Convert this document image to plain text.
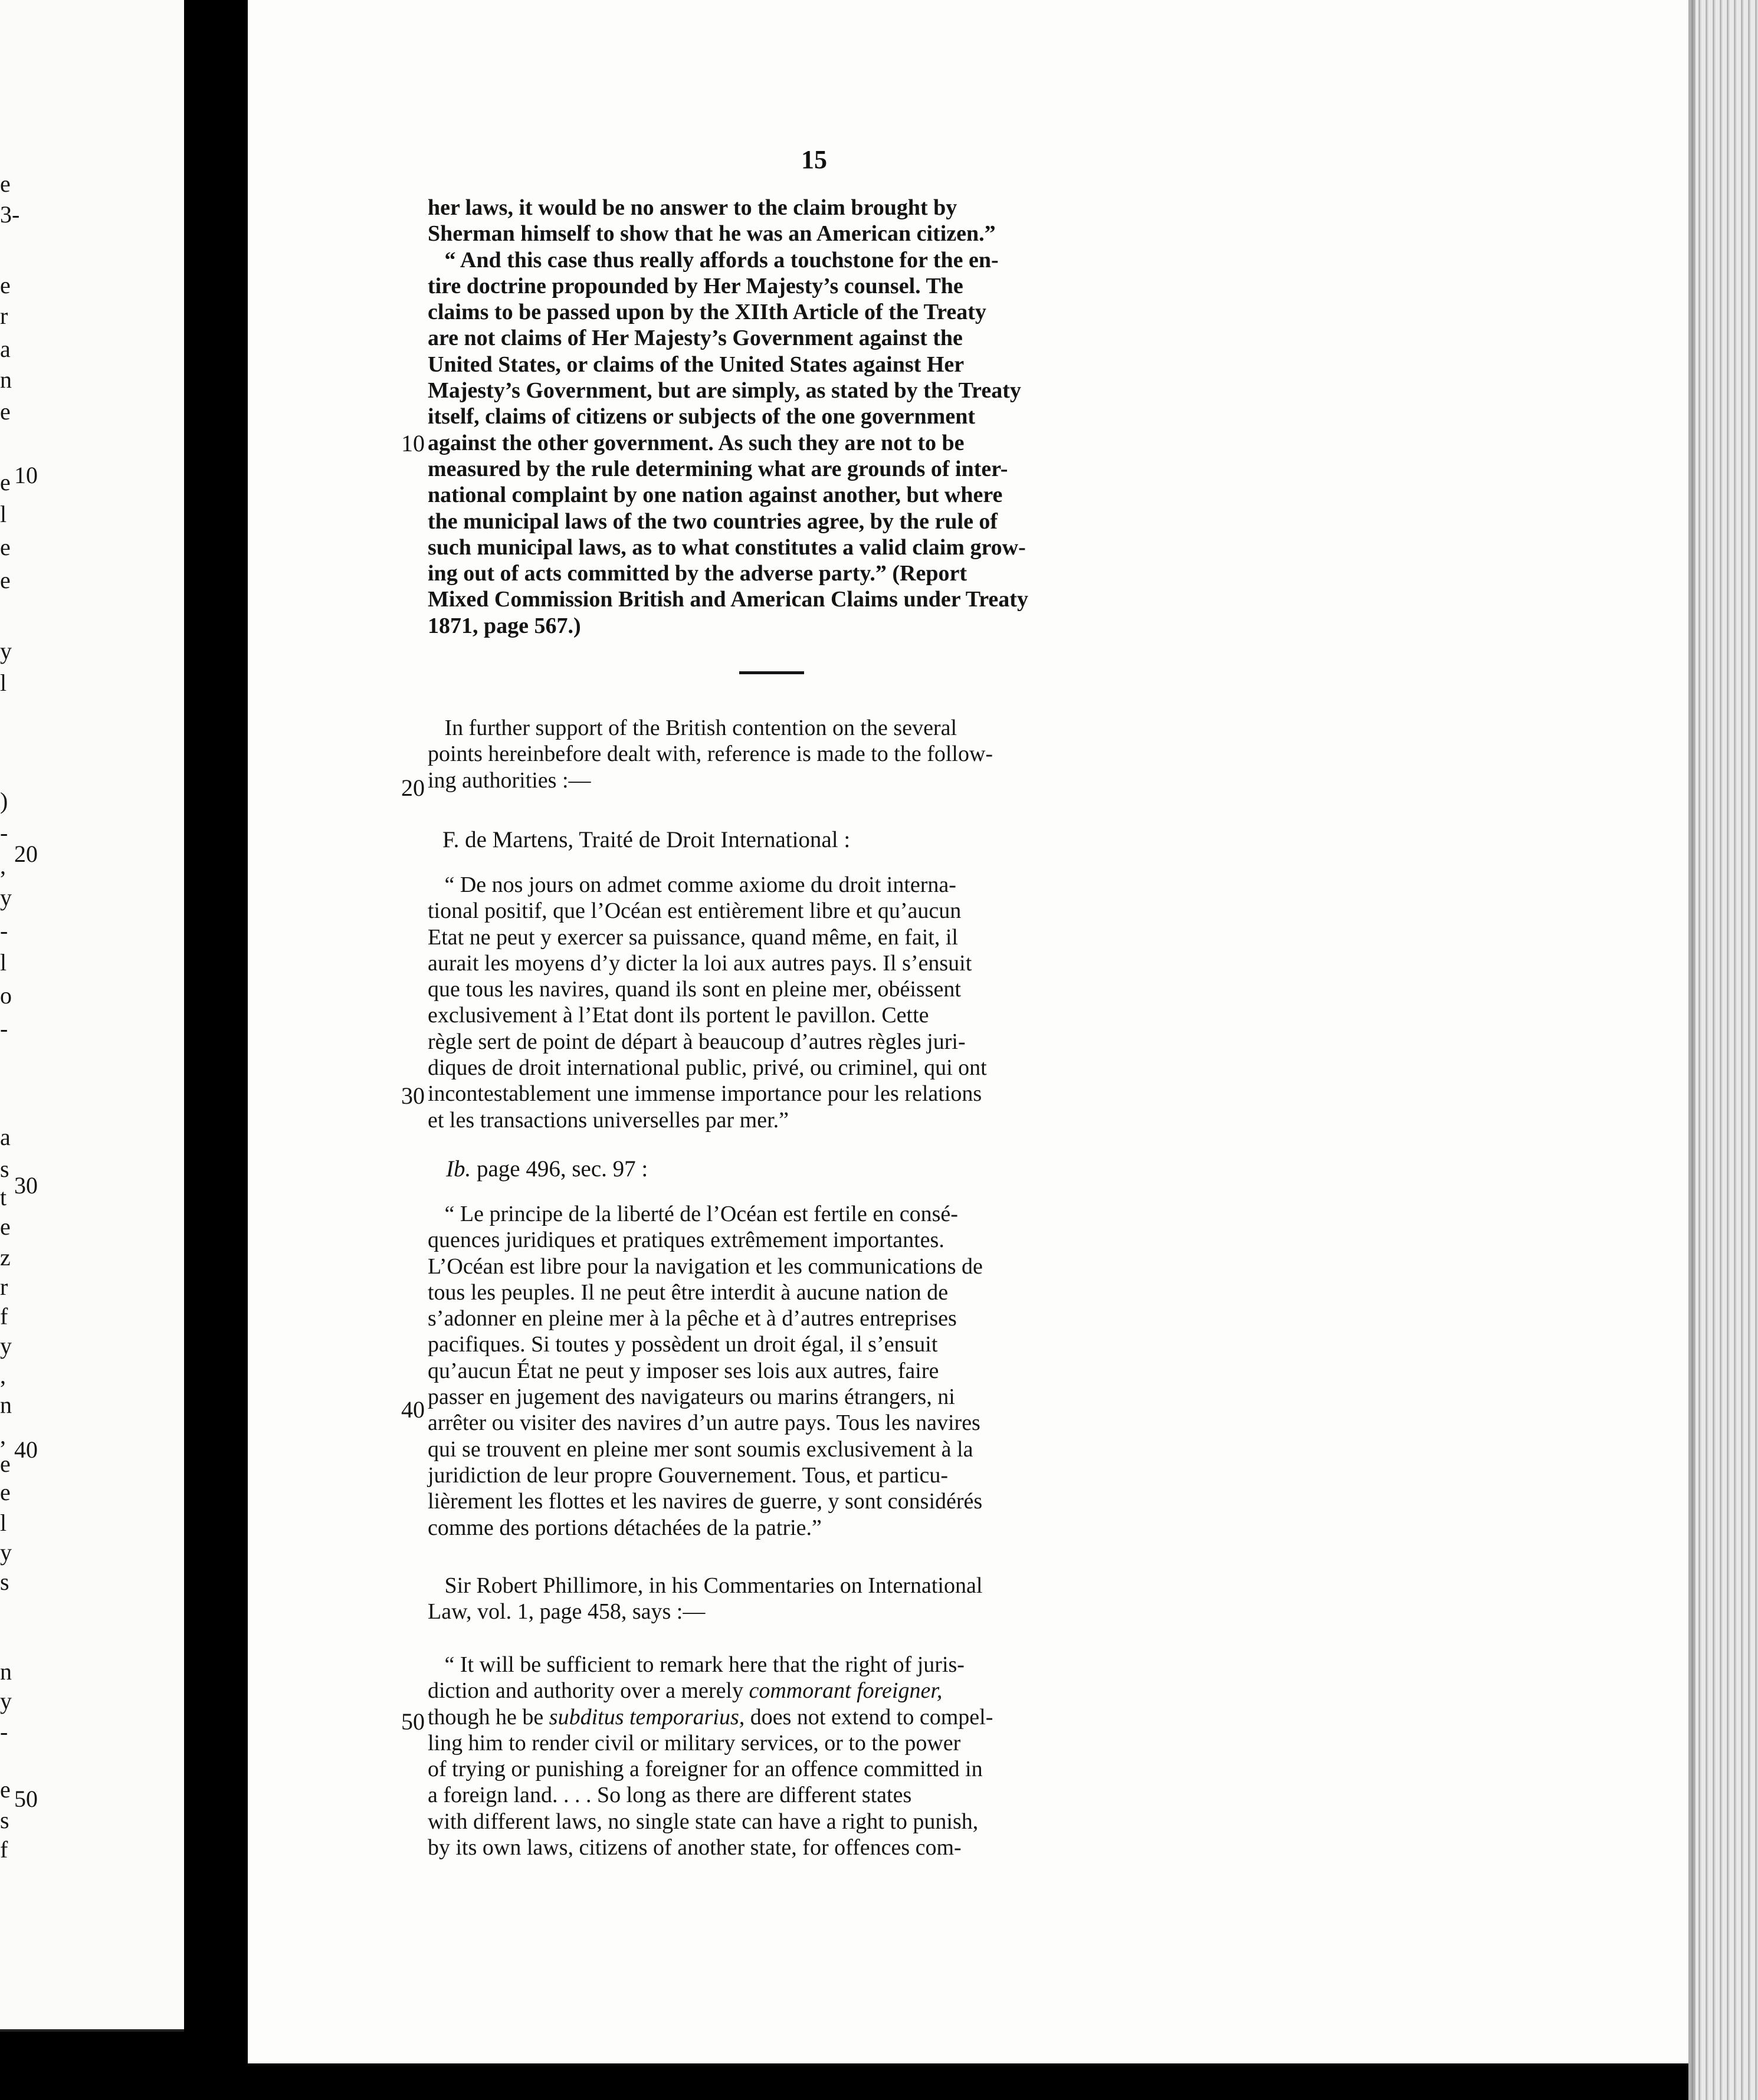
e
3-
e
r
a
n
e
e
l
e
e
y
l
)
-
,
y
-
l
o
-
a
s
t
e
z
r
f
y
,
n
,
e
e
l
y
s
n
y
-
e
s
f
10
20
30
40
50
15
her laws, it would be no answer to the claim brought by
Sherman himself to show that he was an American citizen.”
“ And this case thus really affords a touchstone for the en-
tire doctrine propounded by Her Majesty’s counsel. The
claims to be passed upon by the XIIth Article of the Treaty
are not claims of Her Majesty’s Government against the
United States, or claims of the United States against Her
Majesty’s Government, but are simply, as stated by the Treaty
itself, claims of citizens or subjects of the one government
against the other government. As such they are not to be
measured by the rule determining what are grounds of inter-
national complaint by one nation against another, but where
the municipal laws of the two countries agree, by the rule of
such municipal laws, as to what constitutes a valid claim grow-
ing out of acts committed by the adverse party.” (Report
Mixed Commission British and American Claims under Treaty
1871, page 567.)
In further support of the British contention on the several
points hereinbefore dealt with, reference is made to the follow-
ing authorities :—
F. de Martens, Traité de Droit International :
“ De nos jours on admet comme axiome du droit interna-
tional positif, que l’Océan est entièrement libre et qu’aucun
Etat ne peut y exercer sa puissance, quand même, en fait, il
aurait les moyens d’y dicter la loi aux autres pays. Il s’ensuit
que tous les navires, quand ils sont en pleine mer, obéissent
exclusivement à l’Etat dont ils portent le pavillon. Cette
règle sert de point de départ à beaucoup d’autres règles juri-
diques de droit international public, privé, ou criminel, qui ont
incontestablement une immense importance pour les relations
et les transactions universelles par mer.”
Ib. page 496, sec. 97 :
“ Le principe de la liberté de l’Océan est fertile en consé-
quences juridiques et pratiques extrêmement importantes.
L’Océan est libre pour la navigation et les communications de
tous les peuples. Il ne peut être interdit à aucune nation de
s’adonner en pleine mer à la pêche et à d’autres entreprises
pacifiques. Si toutes y possèdent un droit égal, il s’ensuit
qu’aucun État ne peut y imposer ses lois aux autres, faire
passer en jugement des navigateurs ou marins étrangers, ni
arrêter ou visiter des navires d’un autre pays. Tous les navires
qui se trouvent en pleine mer sont soumis exclusivement à la
juridiction de leur propre Gouvernement. Tous, et particu-
lièrement les flottes et les navires de guerre, y sont considérés
comme des portions détachées de la patrie.”
Sir Robert Phillimore, in his Commentaries on International
Law, vol. 1, page 458, says :—
“ It will be sufficient to remark here that the right of juris-
diction and authority over a merely commorant foreigner,
though he be subditus temporarius, does not extend to compel-
ling him to render civil or military services, or to the power
of trying or punishing a foreigner for an offence committed in
a foreign land. . . . So long as there are different states
with different laws, no single state can have a right to punish,
by its own laws, citizens of another state, for offences com-
10
20
30
40
50
